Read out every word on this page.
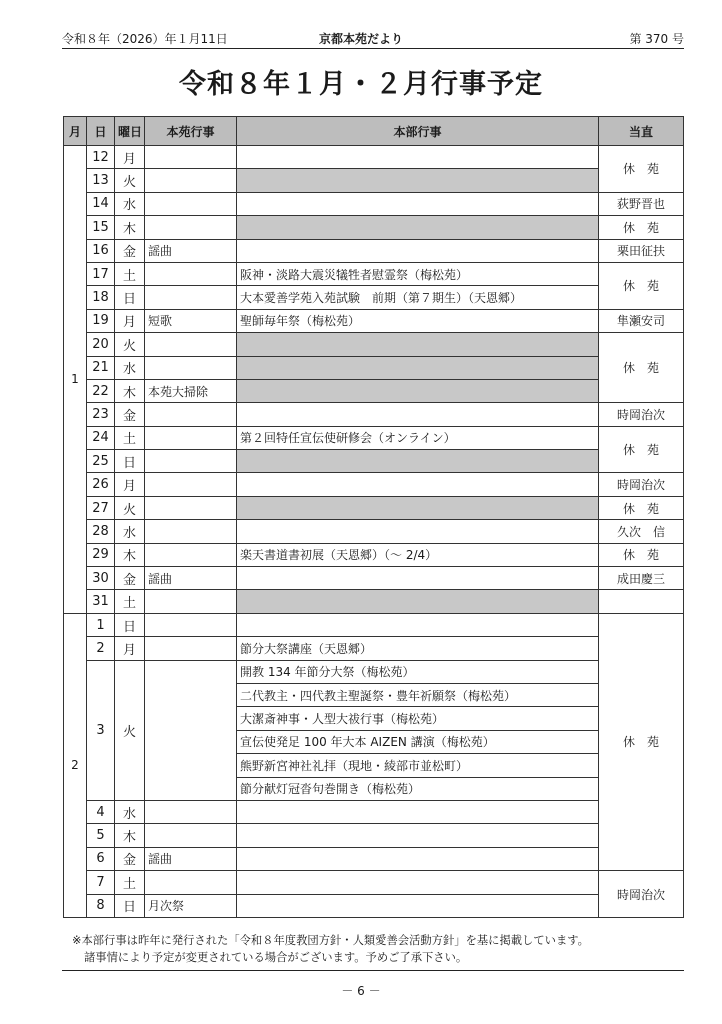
令和８年（2026）年１月11日	京都本苑だより	第 370 号
令和８年１月・２月行事予定
月	日	曜日	本苑行事	本部行事	当直
1	12	月			休　苑
	13	火			
	14	水			荻野晋也
	15	木			休　苑
	16	金	謡曲		栗田征扶
	17	土		阪神・淡路大震災犠牲者慰霊祭（梅松苑）	休　苑
	18	日		大本愛善学苑入苑試験　前期（第７期生）（天恩郷）	
	19	月	短歌	聖師毎年祭（梅松苑）	隼瀬安司
	20	火			休　苑
	21	水			
	22	木	本苑大掃除		
	23	金			時岡治次
	24	土		第２回特任宣伝使研修会（オンライン）	休　苑
	25	日			
	26	月			時岡治次
	27	火			休　苑
	28	水			久次　信
	29	木		楽天書道書初展（天恩郷）（～ 2/4）	休　苑
	30	金	謡曲		成田慶三
	31	土			
2	1	日			休　苑
	2	月		節分大祭講座（天恩郷）	
	3	火		開教 134 年節分大祭（梅松苑）	
				二代教主・四代教主聖誕祭・豊年祈願祭（梅松苑）	
				大潔斎神事・人型大祓行事（梅松苑）	
				宣伝使発足 100 年大本 AIZEN 講演（梅松苑）	
				熊野新宮神社礼拝（現地・綾部市並松町）	
				節分献灯冠沓句巻開き（梅松苑）	
	4	水			
	5	木			
	6	金	謡曲		
	7	土			時岡治次
	8	日	月次祭		
※本部行事は昨年に発行された「令和８年度教団方針・人類愛善会活動方針」を基に掲載しています。
諸事情により予定が変更されている場合がございます。予めご了承下さい。
－ 6 －
